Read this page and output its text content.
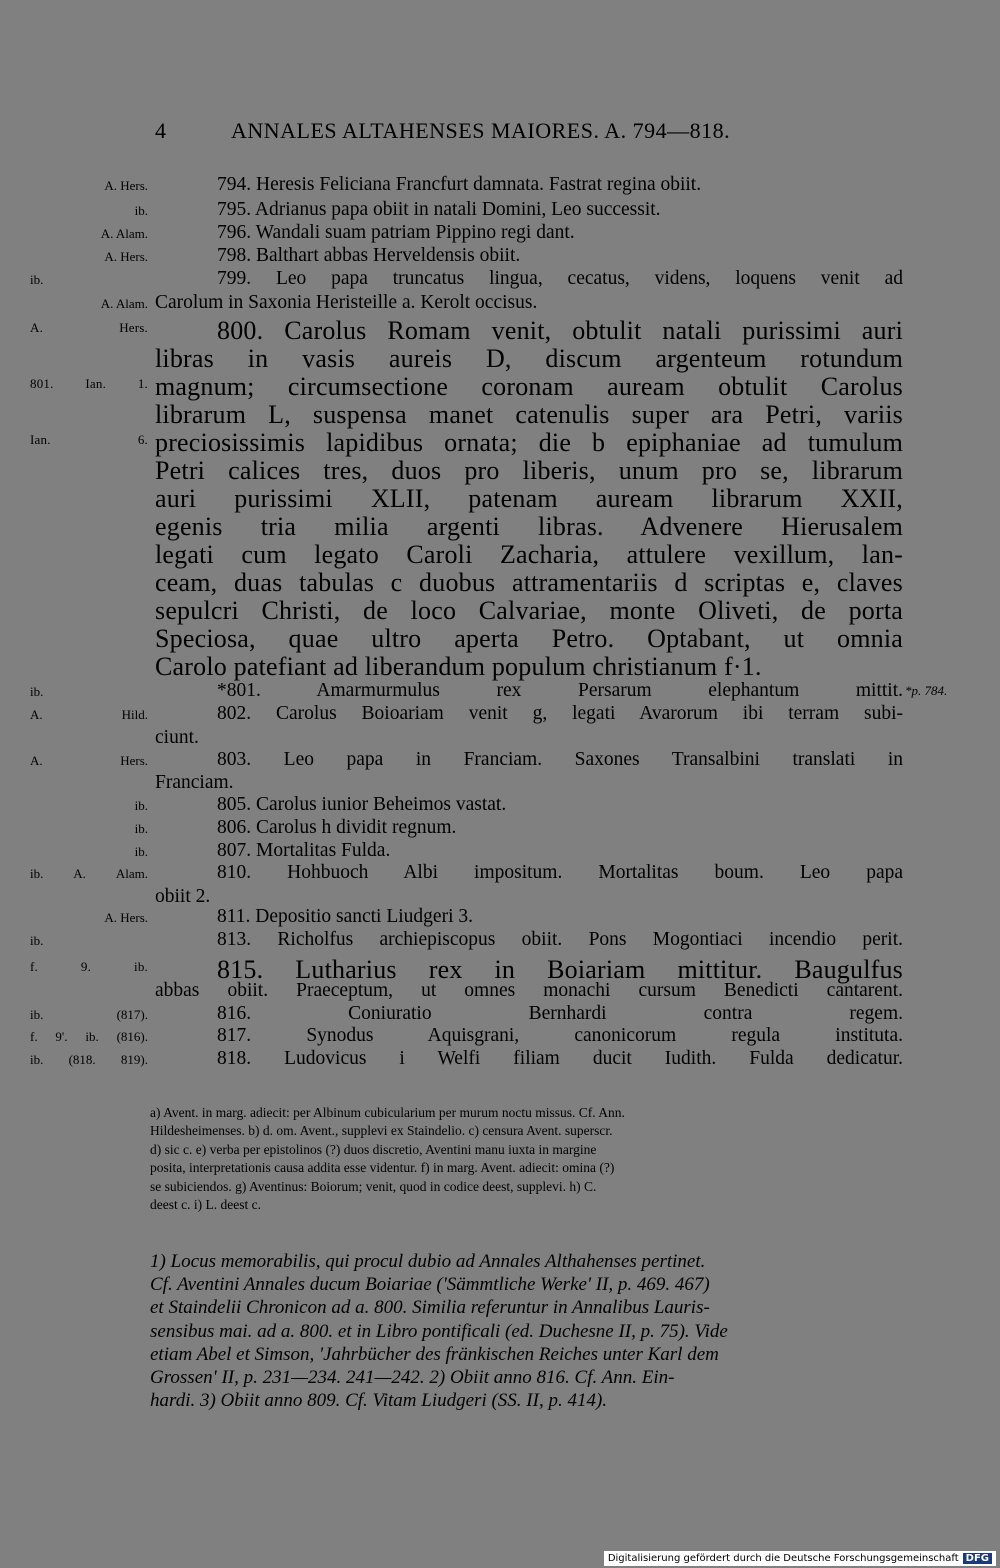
4	ANNALES ALTAHENSES MAIORES. A. 794—818.
A. Hers.	794. Heresis Feliciana Francfurt damnata. Fastrat regina obiit.
ib.	795. Adrianus papa obiit in natali Domini, Leo successit.
A. Alam.	796. Wandali suam patriam Pippino regi dant.
A. Hers.	798. Balthart abbas Herveldensis obiit.
ib.	799. Leo papa truncatus lingua, cecatus, videns, loquens venit ad
A. Alam. Carolum in Saxonia Heristeille a. Kerolt occisus.
A. Hers.	800. Carolus Romam venit, obtulit natali purissimi auri
libras in vasis aureis D, discum argenteum rotundum
801. Ian. 1. magnum; circumsectione coronam auream obtulit Carolus
librarum L, suspensa manet catenulis super ara Petri, variis
Ian. 6. preciosissimis lapidibus ornata; die b epiphaniae ad tumulum
Petri calices tres, duos pro liberis, unum pro se, librarum
auri purissimi XLII, patenam auream librarum XXII,
egenis tria milia argenti libras. Advenere Hierusalem
legati cum legato Caroli Zacharia, attulere vexillum, lan-
ceam, duas tabulas c duobus attramentariis d scriptas e, claves
sepulcri Christi, de loco Calvariae, monte Oliveti, de porta
Speciosa, quae ultro aperta Petro. Optabant, ut omnia
Carolo patefiant ad liberandum populum christianum f·1.
ib.	*801. Amarmurmulus rex Persarum elephantum mittit.
A. Hild.	802. Carolus Boioariam venit g, legati Avarorum ibi terram subi-
ciunt.
A. Hers.	803. Leo papa in Franciam. Saxones Transalbini translati in
Franciam.
ib.	805. Carolus iunior Beheimos vastat.
ib.	806. Carolus h dividit regnum.
ib.	807. Mortalitas Fulda.
ib. A. Alam.	810. Hohbuoch Albi impositum. Mortalitas boum. Leo papa
obiit 2.
A. Hers.	811. Depositio sancti Liudgeri 3.
ib.	813. Richolfus archiepiscopus obiit. Pons Mogontiaci incendio perit.
f. 9. ib.	815. Lutharius rex in Boiariam mittitur. Baugulfus
abbas obiit. Praeceptum, ut omnes monachi cursum Benedicti cantarent.
ib. (817).	816. Coniuratio Bernhardi contra regem.
f. 9'. ib. (816).	817. Synodus Aquisgrani, canonicorum regula instituta.
ib. (818. 819).	818. Ludovicus i Welfi filiam ducit Iudith. Fulda dedicatur.
*p. 784.
a) Avent. in marg. adiecit: per Albinum cubicularium per murum noctu missus. Cf. Ann.
Hildesheimenses. b) d. om. Avent., supplevi ex Staindelio. c) censura Avent. superscr.
d) sic c. e) verba per epistolinos (?) duos discretio, Aventini manu iuxta in margine
posita, interpretationis causa addita esse videntur. f) in marg. Avent. adiecit: omina (?)
se subiciendos. g) Aventinus: Boiorum; venit, quod in codice deest, supplevi. h) C.
deest c. i) L. deest c.
1) Locus memorabilis, qui procul dubio ad Annales Althahenses pertinet.
Cf. Aventini Annales ducum Boiariae ('Sämmtliche Werke' II, p. 469. 467)
et Staindelii Chronicon ad a. 800. Similia referuntur in Annalibus Lauris-
sensibus mai. ad a. 800. et in Libro pontificali (ed. Duchesne II, p. 75). Vide
etiam Abel et Simson, 'Jahrbücher des fränkischen Reiches unter Karl dem
Grossen' II, p. 231—234. 241—242. 2) Obiit anno 816. Cf. Ann. Ein-
hardi. 3) Obiit anno 809. Cf. Vitam Liudgeri (SS. II, p. 414).
Digitalisierung gefördert durch die Deutsche Forschungsgemeinschaft DFG
